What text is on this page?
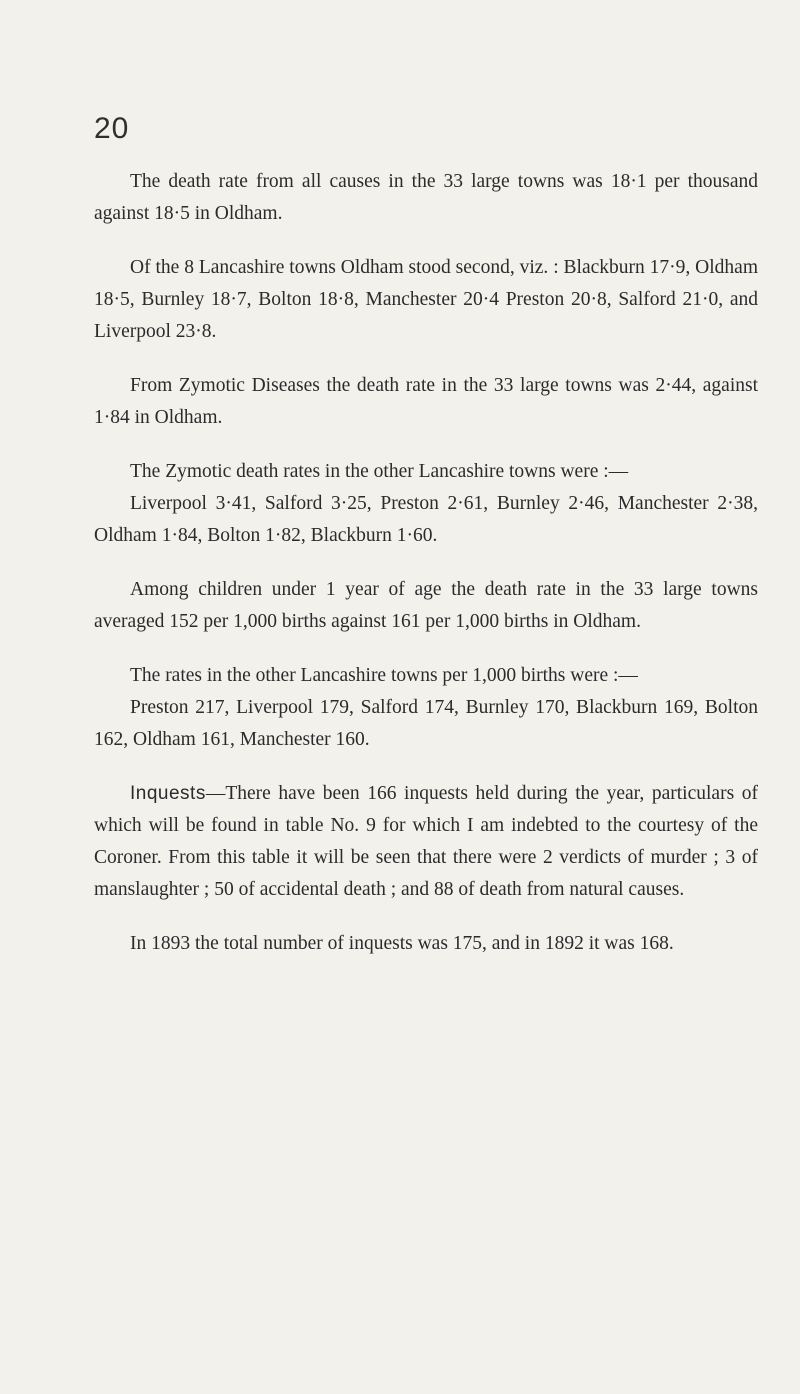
20

The death rate from all causes in the 33 large towns was 18·1 per thousand against 18·5 in Oldham.

Of the 8 Lancashire towns Oldham stood second, viz. : Blackburn 17·9, Oldham 18·5, Burnley 18·7, Bolton 18·8, Manchester 20·4 Preston 20·8, Salford 21·0, and Liverpool 23·8.

From Zymotic Diseases the death rate in the 33 large towns was 2·44, against 1·84 in Oldham.

The Zymotic death rates in the other Lancashire towns were :—

Liverpool 3·41, Salford 3·25, Preston 2·61, Burnley 2·46, Manchester 2·38, Oldham 1·84, Bolton 1·82, Blackburn 1·60.

Among children under 1 year of age the death rate in the 33 large towns averaged 152 per 1,000 births against 161 per 1,000 births in Oldham.

The rates in the other Lancashire towns per 1,000 births were :—

Preston 217, Liverpool 179, Salford 174, Burnley 170, Blackburn 169, Bolton 162, Oldham 161, Manchester 160.

Inquests—There have been 166 inquests held during the year, particulars of which will be found in table No. 9 for which I am indebted to the courtesy of the Coroner. From this table it will be seen that there were 2 verdicts of murder ; 3 of manslaughter ; 50 of accidental death ; and 88 of death from natural causes.

In 1893 the total number of inquests was 175, and in 1892 it was 168.
